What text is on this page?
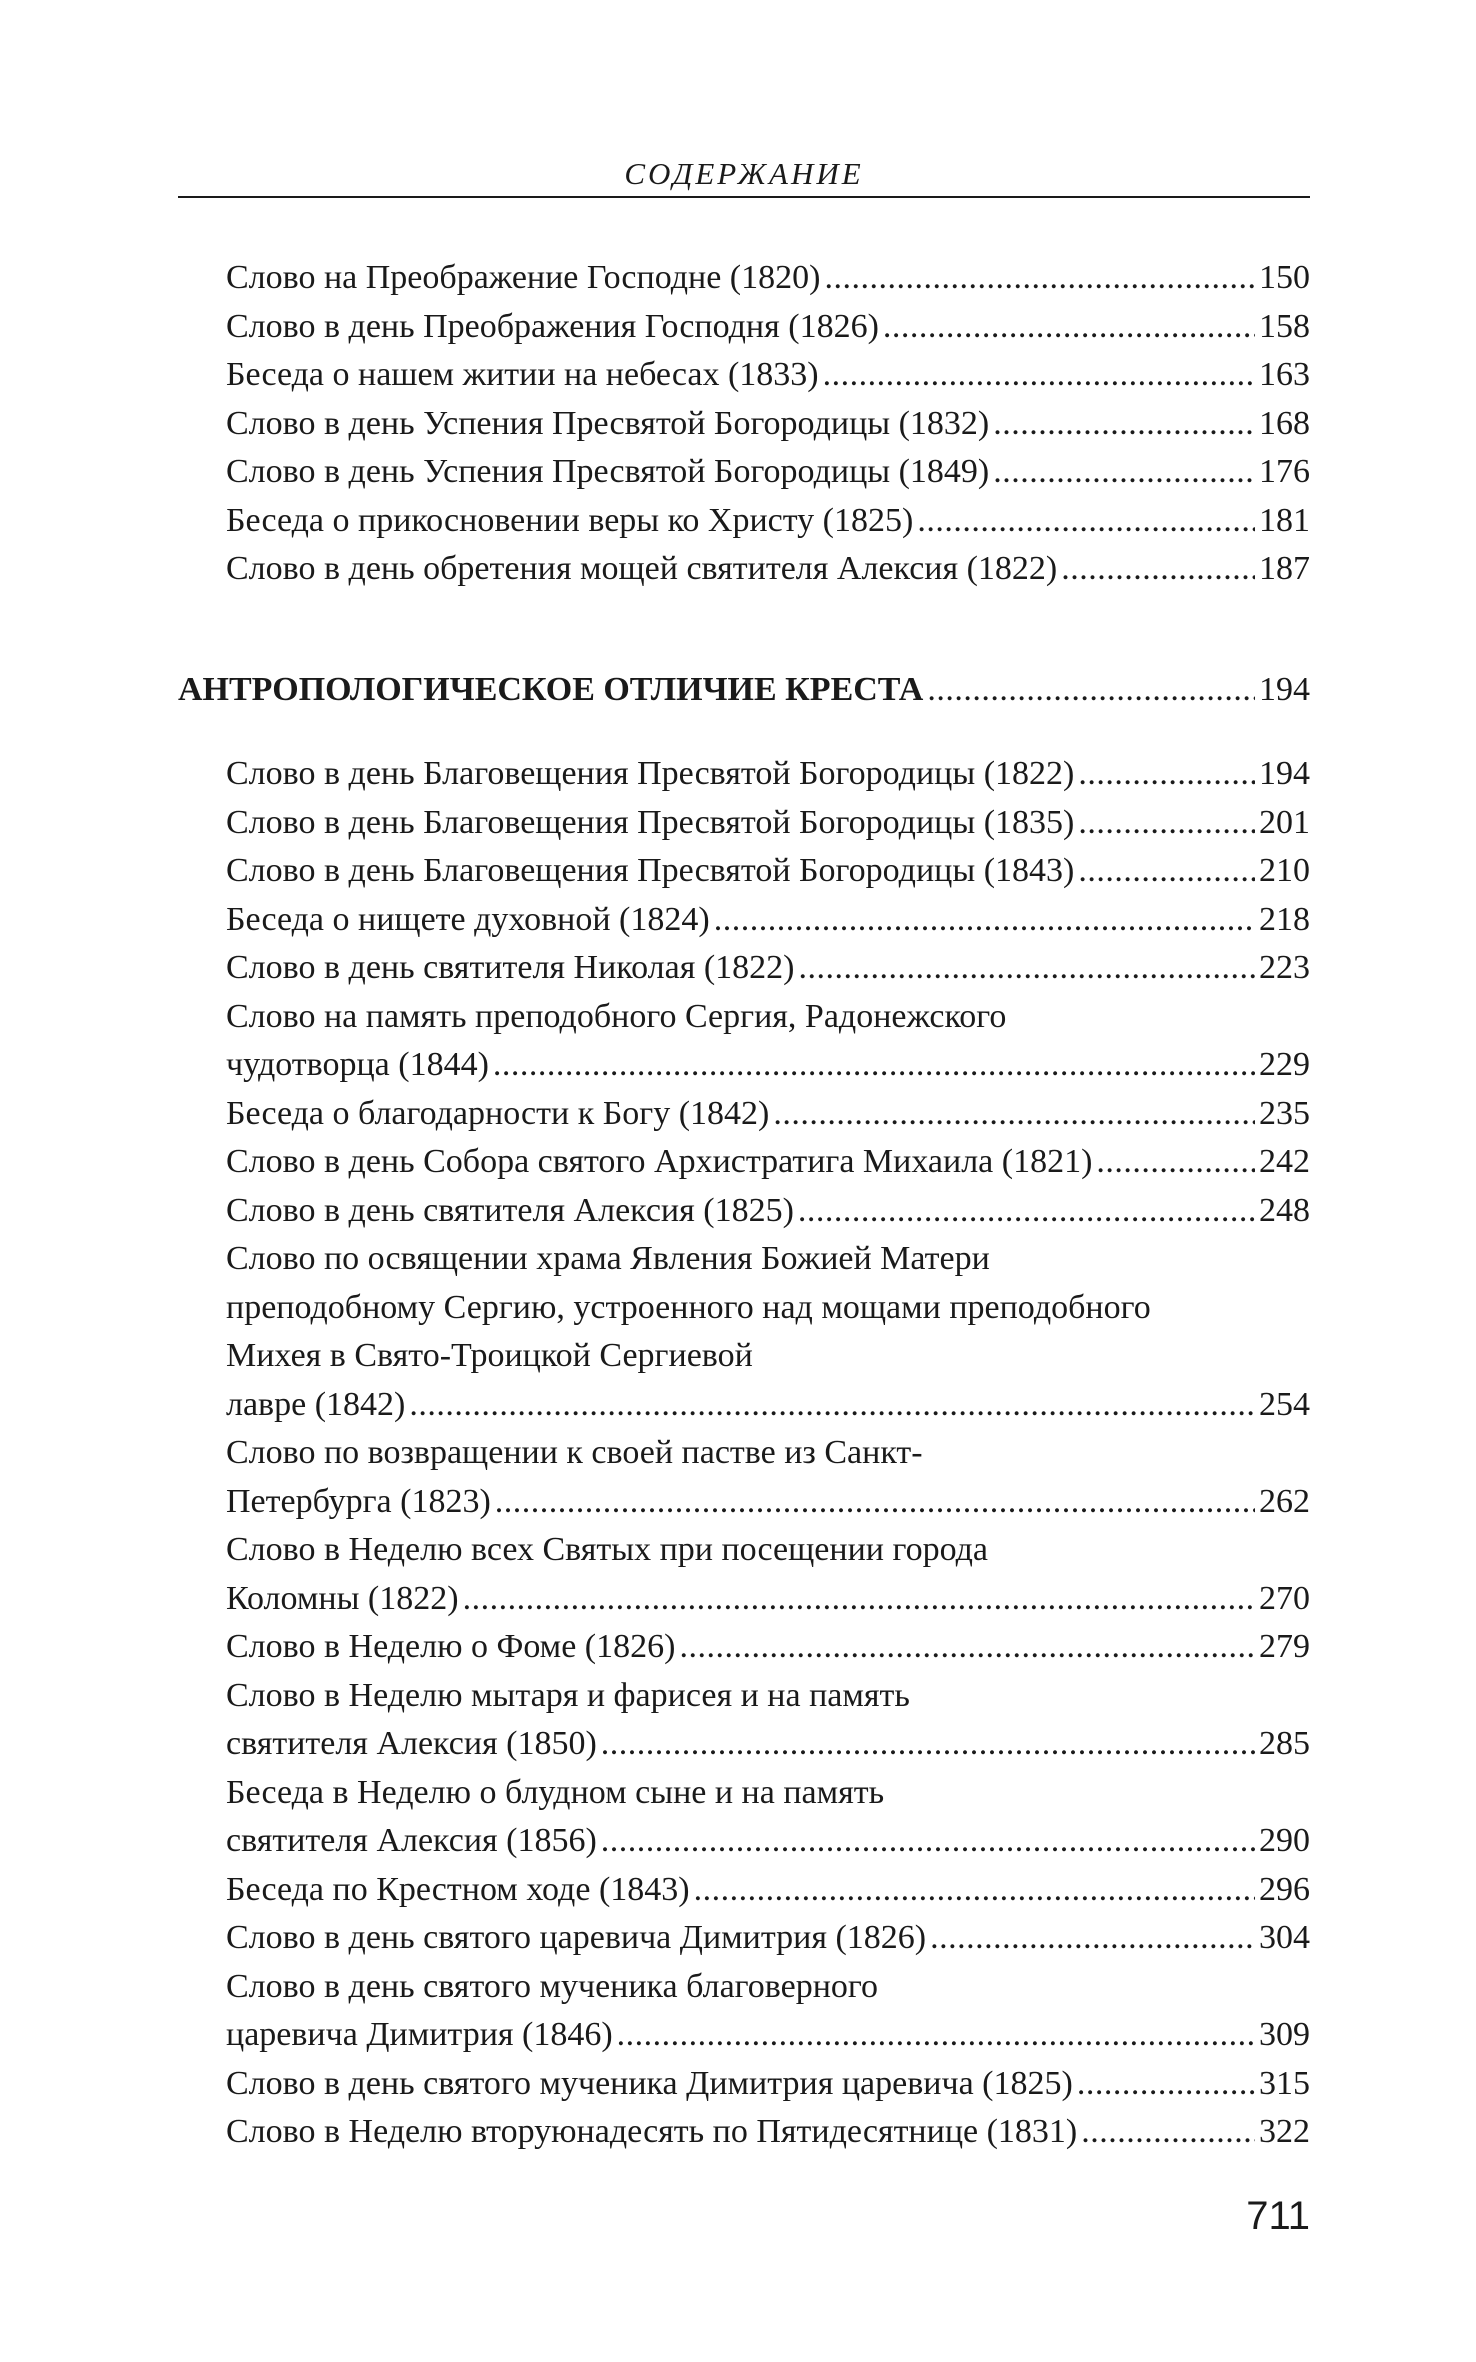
СОДЕРЖАНИЕ
Слово на Преображение Господне (1820) . . .	150
Слово в день Преображения Господня (1826) . . .	158
Беседа о нашем житии на небесах (1833) . . .	163
Слово в день Успения Пресвятой Богородицы (1832) . . .	168
Слово в день Успения Пресвятой Богородицы (1849) . . .	176
Беседа о прикосновении веры ко Христу (1825) . . .	181
Слово в день обретения мощей святителя Алексия (1822) . . .	187
АНТРОПОЛОГИЧЕСКОЕ ОТЛИЧИЕ КРЕСТА . . .	194
Слово в день Благовещения Пресвятой Богородицы (1822) . . .	194
Слово в день Благовещения Пресвятой Богородицы (1835) . . .	201
Слово в день Благовещения Пресвятой Богородицы (1843) . . .	210
Беседа о нищете духовной (1824) . . .	218
Слово в день святителя Николая (1822) . . .	223
Слово на память преподобного Сергия, Радонежского
чудотворца (1844) . . .	229
Беседа о благодарности к Богу (1842) . . .	235
Слово в день Собора святого Архистратига Михаила (1821) . . .	242
Слово в день святителя Алексия (1825) . . .	248
Слово по освящении храма Явления Божией Матери
преподобному Сергию, устроенного над мощами преподобного
Михея в Свято-Троицкой Сергиевой
лавре (1842) . . .	254
Слово по возвращении к своей пастве из Санкт-
Петербурга (1823) . . .	262
Слово в Неделю всех Святых при посещении города
Коломны (1822) . . .	270
Слово в Неделю о Фоме (1826) . . .	279
Слово в Неделю мытаря и фарисея и на память
святителя Алексия (1850) . . .	285
Беседа в Неделю о блудном сыне и на память
святителя Алексия (1856) . . .	290
Беседа по Крестном ходе (1843) . . .	296
Слово в день святого царевича Димитрия (1826) . . .	304
Слово в день святого мученика благоверного
царевича Димитрия (1846) . . .	309
Слово в день святого мученика Димитрия царевича (1825) . . .	315
Слово в Неделю вторуюнадесять по Пятидесятнице (1831) . . .	322
711
